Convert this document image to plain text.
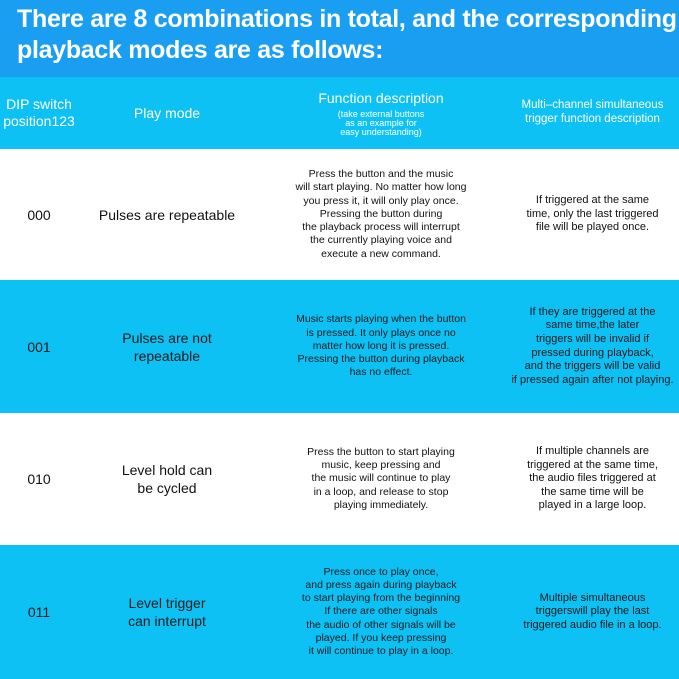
There are 8 combinations in total, and the corresponding playback modes are as follows:
DIP switch
position123
Play mode
Function description
(take external buttons
as an example for
easy understanding)
Multi–channel simultaneous
trigger function description
000	Pulses are repeatable
Press the button and the music
will start playing. No matter how long
you press it, it will only play once.
Pressing the button during
the playback process will interrupt
the currently playing voice and
execute a new command.
If triggered at the same
time, only the last triggered
file will be played once.
001
Pulses are not
repeatable
Music starts playing when the button
is pressed. It only plays once no
matter how long it is pressed.
Pressing the button during playback
has no effect.
If they are triggered at the
same time,the later
triggers will be invalid if
pressed during playback,
and the triggers will be valid
if pressed again after not playing.
010
Level hold can
be cycled
Press the button to start playing
music, keep pressing and
the music will continue to play
in a loop, and release to stop
playing immediately.
If multiple channels are
triggered at the same time,
the audio files triggered at
the same time will be
played in a large loop.
011
Level trigger
can interrupt
Press once to play once,
and press again during playback
to start playing from the beginning
If there are other signals
the audio of other signals will be
played. If you keep pressing
it will continue to play in a loop.
Multiple simultaneous
triggerswill play the last
triggered audio file in a loop.
